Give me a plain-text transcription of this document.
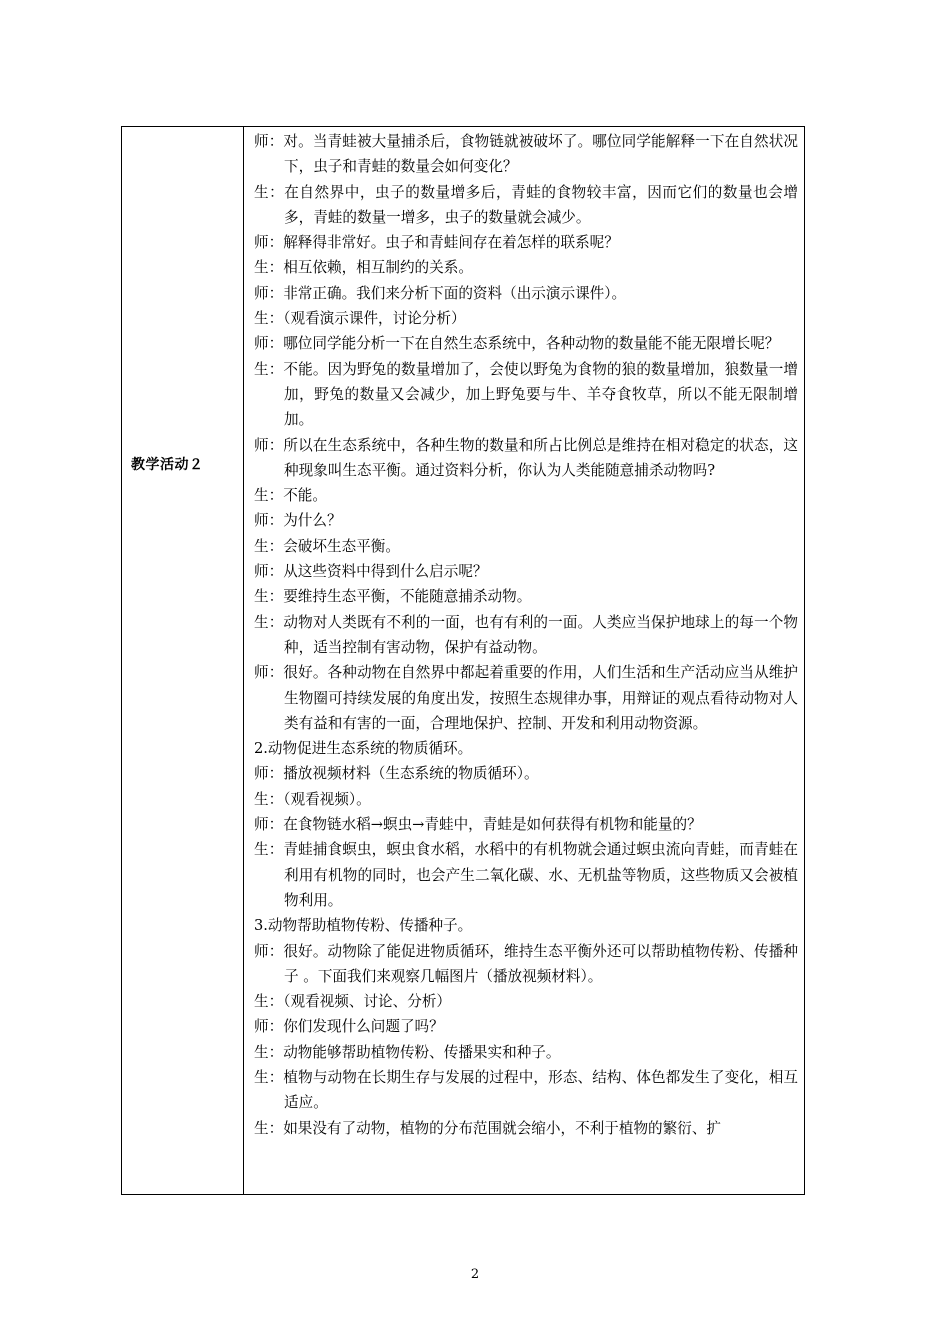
教学活动２

师：对。当青蛙被大量捕杀后，食物链就被破坏了。哪位同学能解释一下在自然状况下，虫子和青蛙的数量会如何变化？

生：在自然界中，虫子的数量增多后，青蛙的食物较丰富，因而它们的数量也会增多，青蛙的数量一增多，虫子的数量就会减少。

师：解释得非常好。虫子和青蛙间存在着怎样的联系呢？

生：相互依赖，相互制约的关系。

师：非常正确。我们来分析下面的资料（出示演示课件）。

生：（观看演示课件，讨论分析）

师：哪位同学能分析一下在自然生态系统中，各种动物的数量能不能无限增长呢？

生：不能。因为野兔的数量增加了，会使以野兔为食物的狼的数量增加，狼数量一增加，野兔的数量又会减少，加上野兔要与牛、羊夺食牧草，所以不能无限制增加。

师：所以在生态系统中，各种生物的数量和所占比例总是维持在相对稳定的状态，这种现象叫生态平衡。通过资料分析，你认为人类能随意捕杀动物吗?

生：不能。

师：为什么？

生：会破坏生态平衡。

师：从这些资料中得到什么启示呢？

生：要维持生态平衡，不能随意捕杀动物。

生：动物对人类既有不利的一面，也有有利的一面。人类应当保护地球上的每一个物种，适当控制有害动物，保护有益动物。

师：很好。各种动物在自然界中都起着重要的作用，人们生活和生产活动应当从维护生物圈可持续发展的角度出发，按照生态规律办事，用辩证的观点看待动物对人类有益和有害的一面，合理地保护、控制、开发和利用动物资源。

2.动物促进生态系统的物质循环。

师：播放视频材料（生态系统的物质循环）。

生：（观看视频）。

师：在食物链水稻→螟虫→青蛙中，青蛙是如何获得有机物和能量的？

生：青蛙捕食螟虫，螟虫食水稻，水稻中的有机物就会通过螟虫流向青蛙，而青蛙在利用有机物的同时，也会产生二氧化碳、水、无机盐等物质，这些物质又会被植物利用。

3.动物帮助植物传粉、传播种子。

师：很好。动物除了能促进物质循环，维持生态平衡外还可以帮助植物传粉、传播种子 。下面我们来观察几幅图片（播放视频材料）。

生：（观看视频、讨论、分析）

师：你们发现什么问题了吗？

生：动物能够帮助植物传粉、传播果实和种子。

生：植物与动物在长期生存与发展的过程中，形态、结构、体色都发生了变化，相互适应。

生：如果没有了动物，植物的分布范围就会缩小，不利于植物的繁衍、扩

2
